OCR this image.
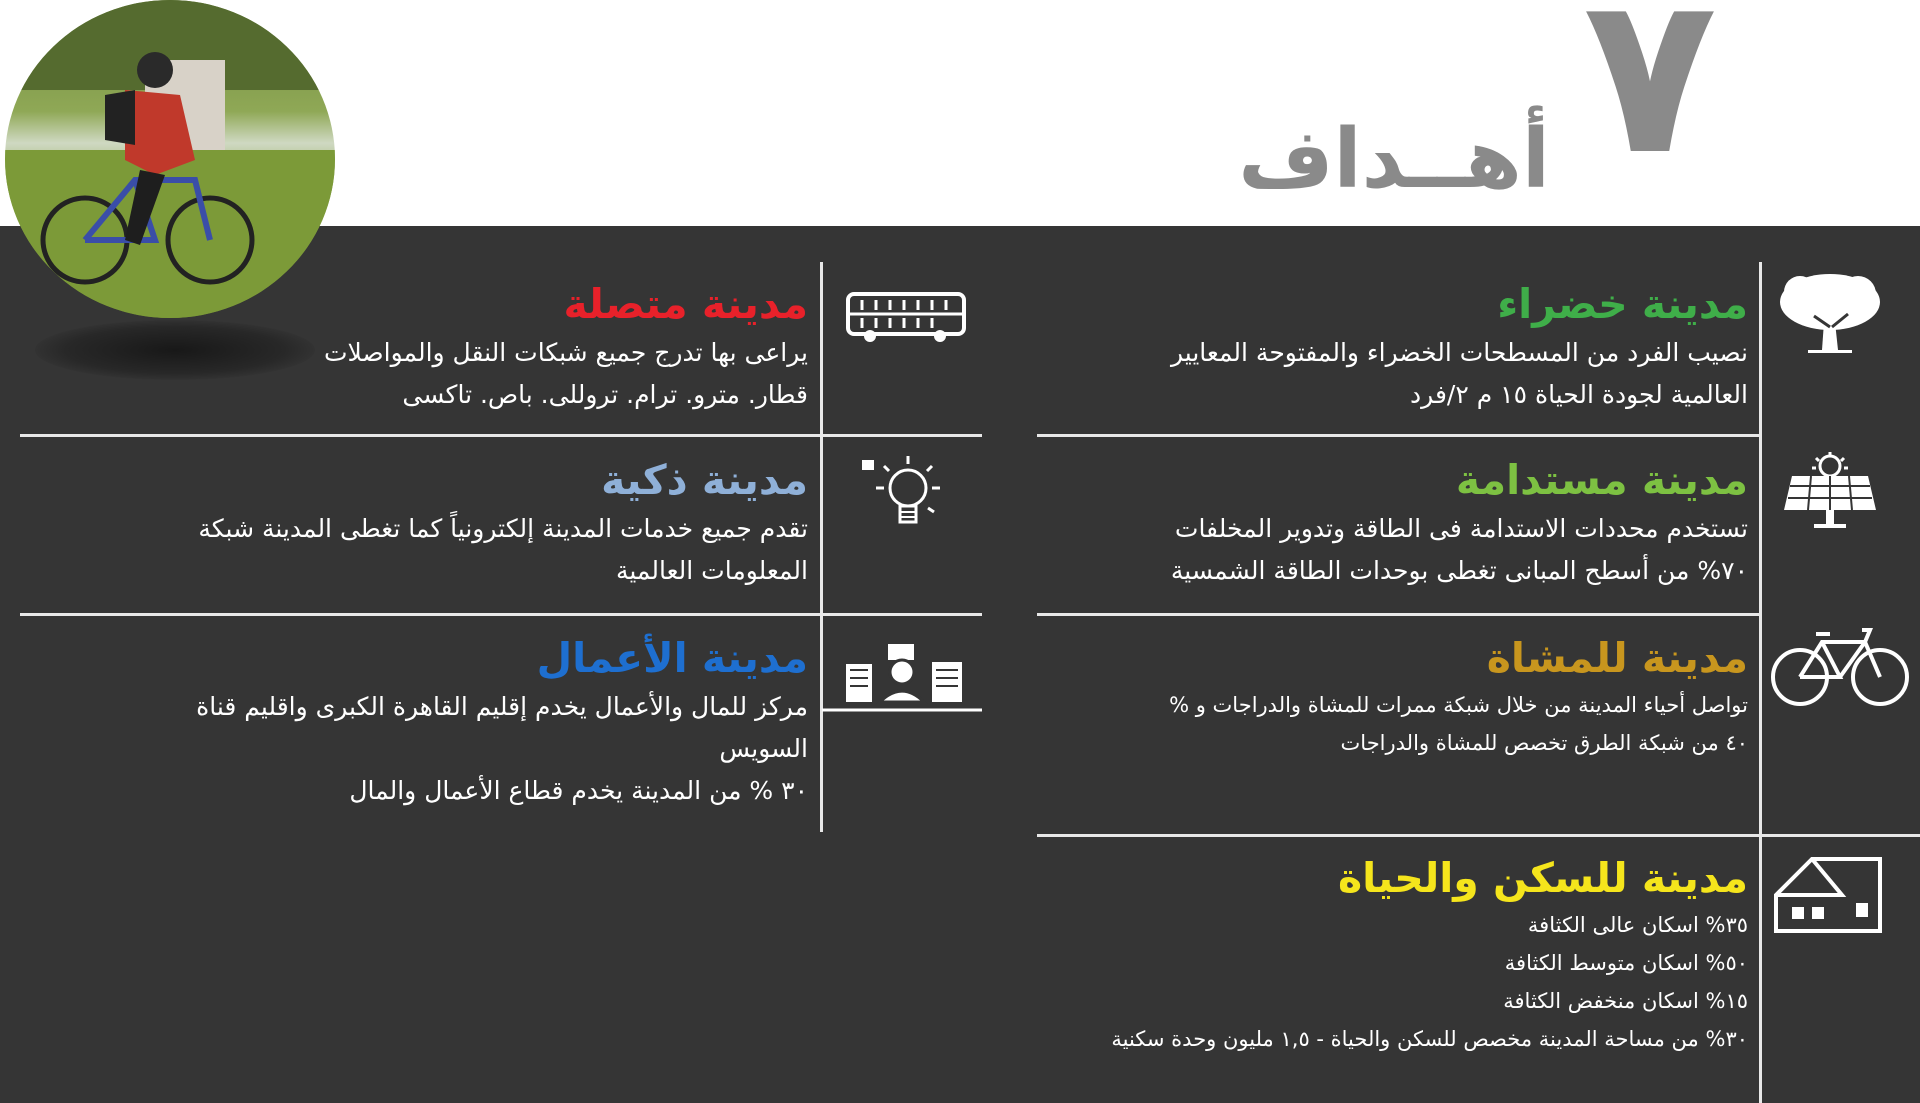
٧
أهــداف
مدينة خضراء
نصيب الفرد من المسطحات الخضراء والمفتوحة المعايير
العالمية لجودة الحياة ١٥ م ٢/فرد
مدينة مستدامة
تستخدم محددات الاستدامة فى الطاقة وتدوير المخلفات
٧٠% من أسطح المبانى تغطى بوحدات الطاقة الشمسية
مدينة للمشاة
تواصل أحياء المدينة من خلال شبكة ممرات للمشاة والدراجات و %
٤٠ من شبكة الطرق تخصص للمشاة والدراجات
مدينة للسكن والحياة
٣٥% اسكان عالى الكثافة
٥٠% اسكان متوسط الكثافة
١٥% اسكان منخفض الكثافة
٣٠% من مساحة المدينة مخصص للسكن والحياة - ١,٥ مليون وحدة سكنية
مدينة متصلة
يراعى بها تدرج جميع شبكات النقل والمواصلات
قطار. مترو. ترام. تروللى. باص. تاكسى
مدينة ذكية
تقدم جميع خدمات المدينة إلكترونياً كما تغطى المدينة شبكة
المعلومات العالمية
مدينة الأعمال
مركز للمال والأعمال يخدم إقليم القاهرة الكبرى واقليم قناة
السويس
٣٠ % من المدينة يخدم قطاع الأعمال والمال
